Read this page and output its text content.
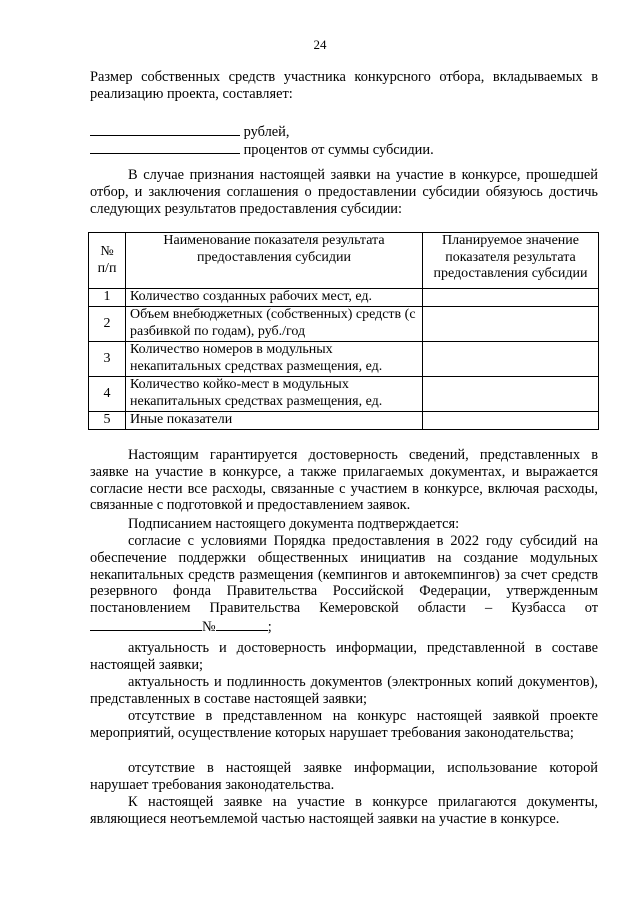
24

Размер собственных средств участника конкурсного отбора, вкладываемых в реализацию проекта, составляет:

рублей,
процентов от суммы субсидии.

В случае признания настоящей заявки на участие в конкурсе, прошедшей отбор, и заключения соглашения о предоставлении субсидии обязуюсь достичь следующих результатов предоставления субсидии:

№ п/п	Наименование показателя результата предоставления субсидии	Планируемое значение показателя результата предоставления субсидии
1	Количество созданных рабочих мест, ед.	
2	Объем внебюджетных (собственных) средств (с разбивкой по годам), руб./год	
3	Количество номеров в модульных некапитальных средствах размещения, ед.	
4	Количество койко-мест в модульных некапитальных средствах размещения, ед.	
5	Иные показатели	

Настоящим гарантируется достоверность сведений, представленных в заявке на участие в конкурсе, а также прилагаемых документах, и выражается согласие нести все расходы, связанные с участием в конкурсе, включая расходы, связанные с подготовкой и предоставлением заявок.

Подписанием настоящего документа подтверждается:

согласие с условиями Порядка предоставления в 2022 году субсидий на обеспечение поддержки общественных инициатив на создание модульных некапитальных средств размещения (кемпингов и автокемпингов) за счет средств резервного фонда Правительства Российской Федерации, утвержденным постановлением Правительства Кемеровской области – Кузбасса от №	;

актуальность и достоверность информации, представленной в составе настоящей заявки;

актуальность и подлинность документов (электронных копий документов), представленных в составе настоящей заявки;

отсутствие в представленном на конкурс настоящей заявкой проекте мероприятий, осуществление которых нарушает требования законодательства;

отсутствие в настоящей заявке информации, использование которой нарушает требования законодательства.

К настоящей заявке на участие в конкурсе прилагаются документы, являющиеся неотъемлемой частью настоящей заявки на участие в конкурсе.
